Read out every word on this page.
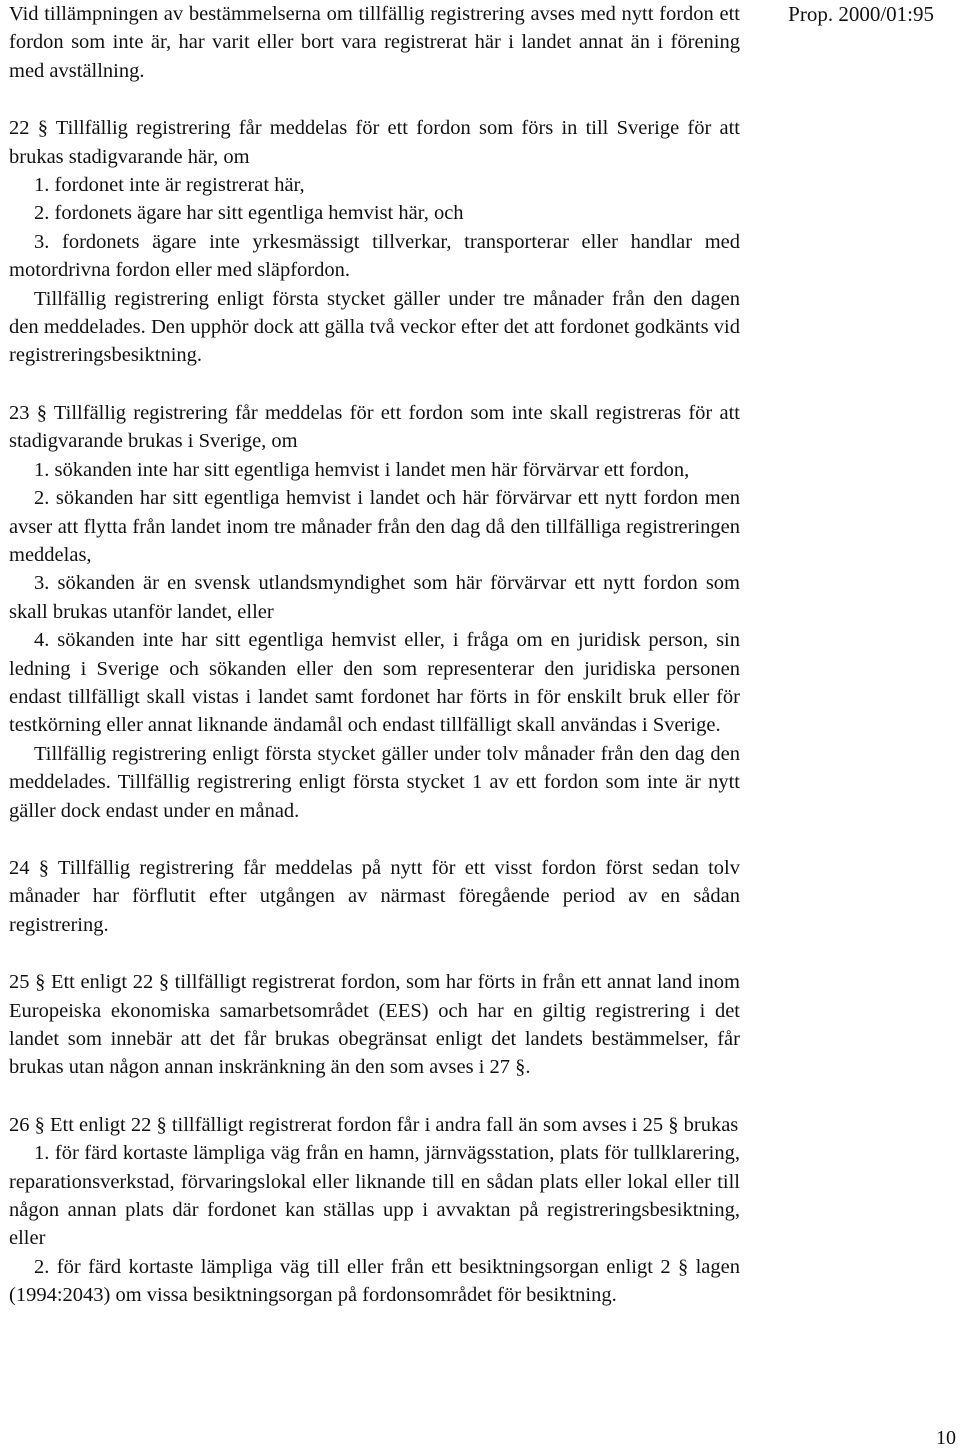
Prop. 2000/01:95

Vid tillämpningen av bestämmelserna om tillfällig registrering avses med nytt fordon ett fordon som inte är, har varit eller bort vara registrerat här i landet annat än i förening med avställning.

22 § Tillfällig registrering får meddelas för ett fordon som förs in till Sverige för att brukas stadigvarande här, om

1. fordonet inte är registrerat här,

2. fordonets ägare har sitt egentliga hemvist här, och

3. fordonets ägare inte yrkesmässigt tillverkar, transporterar eller handlar med motordrivna fordon eller med släpfordon.

Tillfällig registrering enligt första stycket gäller under tre månader från den dagen den meddelades. Den upphör dock att gälla två veckor efter det att fordonet godkänts vid registreringsbesiktning.

23 § Tillfällig registrering får meddelas för ett fordon som inte skall registreras för att stadigvarande brukas i Sverige, om

1. sökanden inte har sitt egentliga hemvist i landet men här förvärvar ett fordon,

2. sökanden har sitt egentliga hemvist i landet och här förvärvar ett nytt fordon men avser att flytta från landet inom tre månader från den dag då den tillfälliga registreringen meddelas,

3. sökanden är en svensk utlandsmyndighet som här förvärvar ett nytt fordon som skall brukas utanför landet, eller

4. sökanden inte har sitt egentliga hemvist eller, i fråga om en juridisk person, sin ledning i Sverige och sökanden eller den som representerar den juridiska personen endast tillfälligt skall vistas i landet samt fordonet har förts in för enskilt bruk eller för testkörning eller annat liknande ändamål och endast tillfälligt skall användas i Sverige.

Tillfällig registrering enligt första stycket gäller under tolv månader från den dag den meddelades. Tillfällig registrering enligt första stycket 1 av ett fordon som inte är nytt gäller dock endast under en månad.

24 § Tillfällig registrering får meddelas på nytt för ett visst fordon först sedan tolv månader har förflutit efter utgången av närmast föregående period av en sådan registrering.

25 § Ett enligt 22 § tillfälligt registrerat fordon, som har förts in från ett annat land inom Europeiska ekonomiska samarbetsområdet (EES) och har en giltig registrering i det landet som innebär att det får brukas obegränsat enligt det landets bestämmelser, får brukas utan någon annan inskränkning än den som avses i 27 §.

26 § Ett enligt 22 § tillfälligt registrerat fordon får i andra fall än som avses i 25 § brukas

1. för färd kortaste lämpliga väg från en hamn, järnvägsstation, plats för tullklarering, reparationsverkstad, förvaringslokal eller liknande till en sådan plats eller lokal eller till någon annan plats där fordonet kan ställas upp i avvaktan på registreringsbesiktning, eller

2. för färd kortaste lämpliga väg till eller från ett besiktningsorgan enligt 2 § lagen (1994:2043) om vissa besiktningsorgan på fordonsområdet för besiktning.

10
